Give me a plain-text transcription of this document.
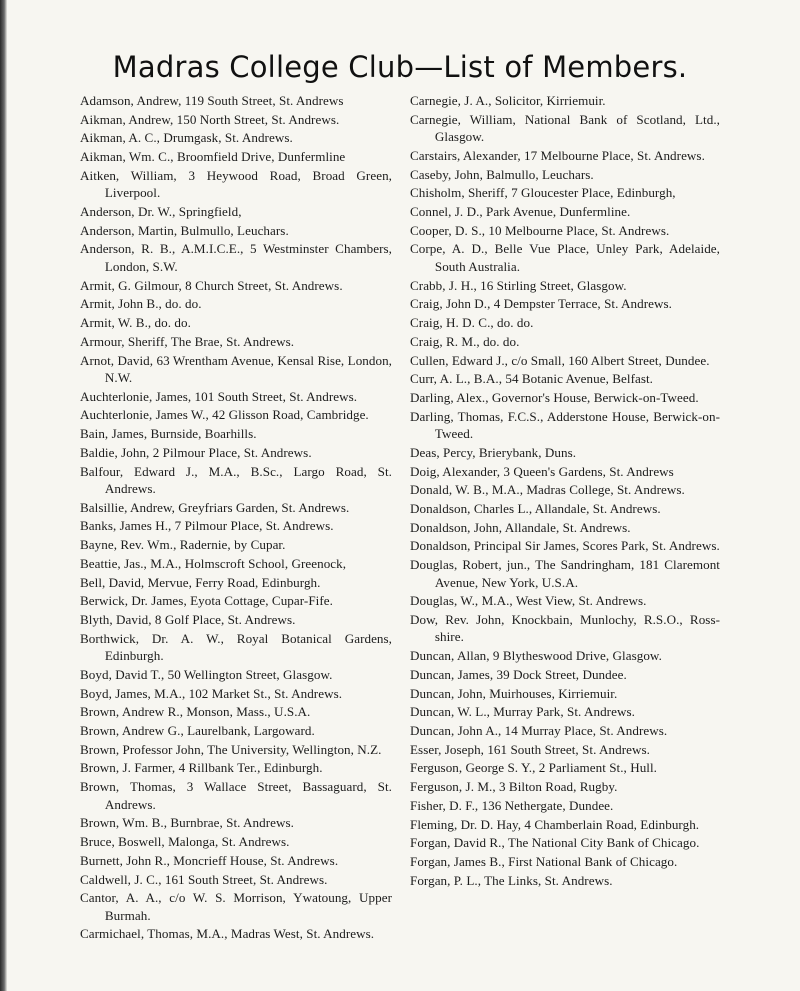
Madras College Club—List of Members.
Adamson, Andrew, 119 South Street, St. Andrews
Aikman, Andrew, 150 North Street, St. Andrews.
Aikman, A. C., Drumgask, St. Andrews.
Aikman, Wm. C., Broomfield Drive, Dunfermline
Aitken, William, 3 Heywood Road, Broad Green, Liverpool.
Anderson, Dr. W., Springfield,
Anderson, Martin, Bulmullo, Leuchars.
Anderson, R. B., A.M.I.C.E., 5 Westminster Chambers, London, S.W.
Armit, G. Gilmour, 8 Church Street, St. Andrews.
Armit, John B., do. do.
Armit, W. B., do. do.
Armour, Sheriff, The Brae, St. Andrews.
Arnot, David, 63 Wrentham Avenue, Kensal Rise, London, N.W.
Auchterlonie, James, 101 South Street, St. Andrews.
Auchterlonie, James W., 42 Glisson Road, Cambridge.
Bain, James, Burnside, Boarhills.
Baldie, John, 2 Pilmour Place, St. Andrews.
Balfour, Edward J., M.A., B.Sc., Largo Road, St. Andrews.
Balsillie, Andrew, Greyfriars Garden, St. Andrews.
Banks, James H., 7 Pilmour Place, St. Andrews.
Bayne, Rev. Wm., Radernie, by Cupar.
Beattie, Jas., M.A., Holmscroft School, Greenock,
Bell, David, Mervue, Ferry Road, Edinburgh.
Berwick, Dr. James, Eyota Cottage, Cupar-Fife.
Blyth, David, 8 Golf Place, St. Andrews.
Borthwick, Dr. A. W., Royal Botanical Gardens, Edinburgh.
Boyd, David T., 50 Wellington Street, Glasgow.
Boyd, James, M.A., 102 Market St., St. Andrews.
Brown, Andrew R., Monson, Mass., U.S.A.
Brown, Andrew G., Laurelbank, Largoward.
Brown, Professor John, The University, Wellington, N.Z.
Brown, J. Farmer, 4 Rillbank Ter., Edinburgh.
Brown, Thomas, 3 Wallace Street, Bassaguard, St. Andrews.
Brown, Wm. B., Burnbrae, St. Andrews.
Bruce, Boswell, Malonga, St. Andrews.
Burnett, John R., Moncrieff House, St. Andrews.
Caldwell, J. C., 161 South Street, St. Andrews.
Cantor, A. A., c/o W. S. Morrison, Ywatoung, Upper Burmah.
Carmichael, Thomas, M.A., Madras West, St. Andrews.
Carnegie, J. A., Solicitor, Kirriemuir.
Carnegie, William, National Bank of Scotland, Ltd., Glasgow.
Carstairs, Alexander, 17 Melbourne Place, St. Andrews.
Caseby, John, Balmullo, Leuchars.
Chisholm, Sheriff, 7 Gloucester Place, Edinburgh,
Connel, J. D., Park Avenue, Dunfermline.
Cooper, D. S., 10 Melbourne Place, St. Andrews.
Corpe, A. D., Belle Vue Place, Unley Park, Adelaide, South Australia.
Crabb, J. H., 16 Stirling Street, Glasgow.
Craig, John D., 4 Dempster Terrace, St. Andrews.
Craig, H. D. C., do. do.
Craig, R. M., do. do.
Cullen, Edward J., c/o Small, 160 Albert Street, Dundee.
Curr, A. L., B.A., 54 Botanic Avenue, Belfast.
Darling, Alex., Governor's House, Berwick-on-Tweed.
Darling, Thomas, F.C.S., Adderstone House, Berwick-on-Tweed.
Deas, Percy, Brierybank, Duns.
Doig, Alexander, 3 Queen's Gardens, St. Andrews
Donald, W. B., M.A., Madras College, St. Andrews.
Donaldson, Charles L., Allandale, St. Andrews.
Donaldson, John, Allandale, St. Andrews.
Donaldson, Principal Sir James, Scores Park, St. Andrews.
Douglas, Robert, jun., The Sandringham, 181 Claremont Avenue, New York, U.S.A.
Douglas, W., M.A., West View, St. Andrews.
Dow, Rev. John, Knockbain, Munlochy, R.S.O., Ross-shire.
Duncan, Allan, 9 Blytheswood Drive, Glasgow.
Duncan, James, 39 Dock Street, Dundee.
Duncan, John, Muirhouses, Kirriemuir.
Duncan, W. L., Murray Park, St. Andrews.
Duncan, John A., 14 Murray Place, St. Andrews.
Esser, Joseph, 161 South Street, St. Andrews.
Ferguson, George S. Y., 2 Parliament St., Hull.
Ferguson, J. M., 3 Bilton Road, Rugby.
Fisher, D. F., 136 Nethergate, Dundee.
Fleming, Dr. D. Hay, 4 Chamberlain Road, Edinburgh.
Forgan, David R., The National City Bank of Chicago.
Forgan, James B., First National Bank of Chicago.
Forgan, P. L., The Links, St. Andrews.
